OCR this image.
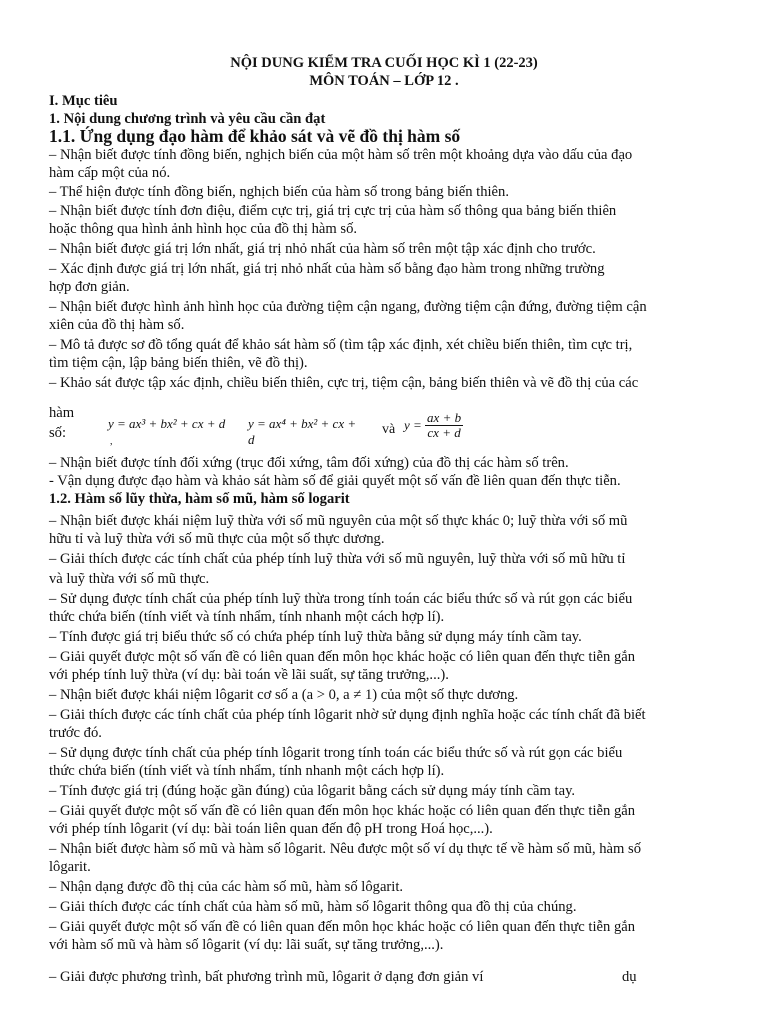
NỘI DUNG KIỂM TRA CUỐI HỌC KÌ 1 (22-23)
MÔN TOÁN – LỚP 12 .
I. Mục tiêu
1. Nội dung chương trình và yêu cầu cần đạt
1.1. Ứng dụng đạo hàm để khảo sát và vẽ đồ thị hàm số
– Nhận biết được tính đồng biến, nghịch biến của một hàm số trên một khoảng dựa vào dấu của đạo
hàm cấp một của nó.
– Thể hiện được tính đồng biến, nghịch biến của hàm số trong bảng biến thiên.
– Nhận biết được tính đơn điệu, điểm cực trị, giá trị cực trị của hàm số thông qua bảng biến thiên
hoặc thông qua hình ảnh hình học của đồ thị hàm số.
– Nhận biết được giá trị lớn nhất, giá trị nhỏ nhất của hàm số trên một tập xác định cho trước.
– Xác định được giá trị lớn nhất, giá trị nhỏ nhất của hàm số bằng đạo hàm trong những trường
hợp đơn giản.
– Nhận biết được hình ảnh hình học của đường tiệm cận ngang, đường tiệm cận đứng, đường tiệm cận
xiên của đồ thị hàm số.
– Mô tả được sơ đồ tổng quát để khảo sát hàm số (tìm tập xác định, xét chiều biến thiên, tìm cực trị,
tìm tiệm cận, lập bảng biến thiên, vẽ đồ thị).
– Khảo sát được tập xác định, chiều biến thiên, cực trị, tiệm cận, bảng biến thiên và vẽ đồ thị của các
hàm
số:
y = ax³ + bx² + cx + d
,
y = ax⁴ + bx² + cx +
d
và $y = \frac{ax + b}{cx + d}$
– Nhận biết được tính đối xứng (trục đối xứng, tâm đối xứng) của đồ thị các hàm số trên.
- Vận dụng được đạo hàm và khảo sát hàm số để giải quyết một số vấn đề liên quan đến thực tiễn.
1.2. Hàm số lũy thừa, hàm số mũ, hàm số logarit
– Nhận biết được khái niệm luỹ thừa với số mũ nguyên của một số thực khác 0; luỹ thừa với số mũ
hữu tỉ và luỹ thừa với số mũ thực của một số thực dương.
– Giải thích được các tính chất của phép tính luỹ thừa với số mũ nguyên, luỹ thừa với số mũ hữu tỉ
và luỹ thừa với số mũ thực.
– Sử dụng được tính chất của phép tính luỹ thừa trong tính toán các biểu thức số và rút gọn các biểu
thức chứa biến (tính viết và tính nhẩm, tính nhanh một cách hợp lí).
– Tính được giá trị biểu thức số có chứa phép tính luỹ thừa bằng sử dụng máy tính cầm tay.
– Giải quyết được một số vấn đề có liên quan đến môn học khác hoặc có liên quan đến thực tiễn gắn
với phép tính luỹ thừa (ví dụ: bài toán về lãi suất, sự tăng trưởng,...).
– Nhận biết được khái niệm lôgarit cơ số a (a > 0, a ≠ 1) của một số thực dương.
– Giải thích được các tính chất của phép tính lôgarit nhờ sử dụng định nghĩa hoặc các tính chất đã biết
trước đó.
– Sử dụng được tính chất của phép tính lôgarit trong tính toán các biểu thức số và rút gọn các biểu
thức chứa biến (tính viết và tính nhẩm, tính nhanh một cách hợp lí).
– Tính được giá trị (đúng hoặc gần đúng) của lôgarit bằng cách sử dụng máy tính cầm tay.
– Giải quyết được một số vấn đề có liên quan đến môn học khác hoặc có liên quan đến thực tiễn gắn
với phép tính lôgarit (ví dụ: bài toán liên quan đến độ pH trong Hoá học,...).
– Nhận biết được hàm số mũ và hàm số lôgarit. Nêu được một số ví dụ thực tế về hàm số mũ, hàm số
lôgarit.
– Nhận dạng được đồ thị của các hàm số mũ, hàm số lôgarit.
– Giải thích được các tính chất của hàm số mũ, hàm số lôgarit thông qua đồ thị của chúng.
– Giải quyết được một số vấn đề có liên quan đến môn học khác hoặc có liên quan đến thực tiễn gắn
với hàm số mũ và hàm số lôgarit (ví dụ: lãi suất, sự tăng trưởng,...).
– Giải được phương trình, bất phương trình mũ, lôgarit ở dạng đơn giản ví	dụ
